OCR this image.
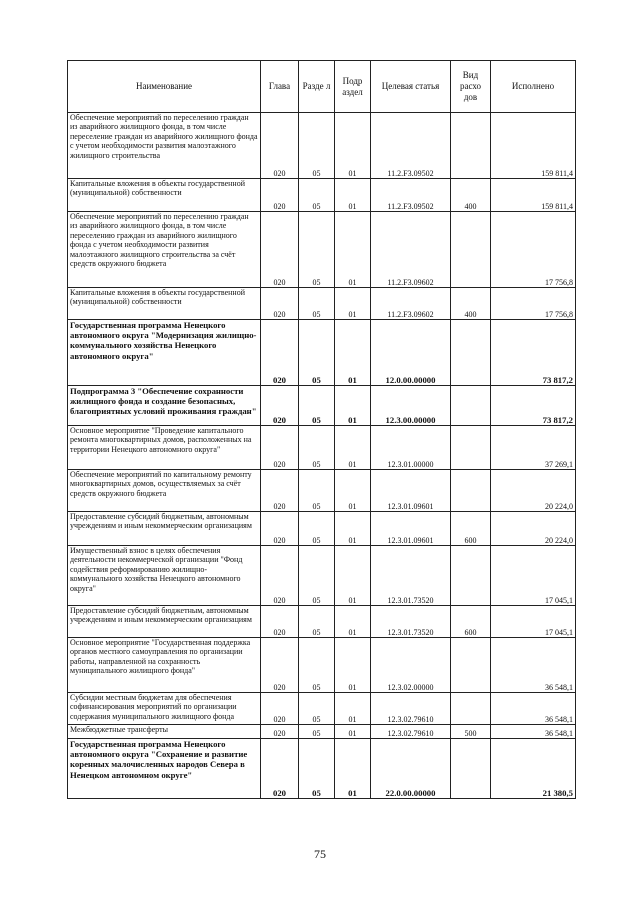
Наименование	Глава	Разде л	Подр аздел	Целевая статья	Вид расхо дов	Исполнено
Обеспечение мероприятий по переселению граждан из аварийного жилищного фонда, в том числе переселение граждан из аварийного жилищного фонда с учетом необходимости развития малоэтажного жилищного строительства	020	05	01	11.2.F3.09502		159 811,4
Капитальные вложения в объекты государственной (муниципальной) собственности	020	05	01	11.2.F3.09502	400	159 811,4
Обеспечение мероприятий по переселению граждан из аварийного жилищного фонда, в том числе переселению граждан из аварийного жилищного фонда с учетом необходимости развития малоэтажного жилищного строительства за счёт средств окружного бюджета	020	05	01	11.2.F3.09602		17 756,8
Капитальные вложения в объекты государственной (муниципальной) собственности	020	05	01	11.2.F3.09602	400	17 756,8
Государственная программа Ненецкого автономного округа "Модернизация жилищно-коммунального хозяйства Ненецкого автономного округа"	020	05	01	12.0.00.00000		73 817,2
Подпрограмма 3 "Обеспечение сохранности жилищного фонда и создание безопасных, благоприятных условий проживания граждан"	020	05	01	12.3.00.00000		73 817,2
Основное мероприятие "Проведение капитального ремонта многоквартирных домов, расположенных на территории Ненецкого автономного округа"	020	05	01	12.3.01.00000		37 269,1
Обеспечение мероприятий по капитальному ремонту многоквартирных домов, осуществляемых за счёт средств окружного бюджета	020	05	01	12.3.01.09601		20 224,0
Предоставление субсидий бюджетным, автономным учреждениям и иным некоммерческим организациям	020	05	01	12.3.01.09601	600	20 224,0
Имущественный взнос в целях обеспечения деятельности некоммерческой организации "Фонд содействия реформированию жилищно-коммунального хозяйства Ненецкого автономного округа"	020	05	01	12.3.01.73520		17 045,1
Предоставление субсидий бюджетным, автономным учреждениям и иным некоммерческим организациям	020	05	01	12.3.01.73520	600	17 045,1
Основное мероприятие "Государственная поддержка органов местного самоуправления по организации работы, направленной на сохранность муниципального жилищного фонда"	020	05	01	12.3.02.00000		36 548,1
Субсидии местным бюджетам для обеспечения софинансирования мероприятий по организации содержания муниципального жилищного фонда	020	05	01	12.3.02.79610		36 548,1
Межбюджетные трансферты	020	05	01	12.3.02.79610	500	36 548,1
Государственная программа Ненецкого автономного округа "Сохранение и развитие коренных малочисленных народов Севера в Ненецком автономном округе"	020	05	01	22.0.00.00000		21 380,5
75
